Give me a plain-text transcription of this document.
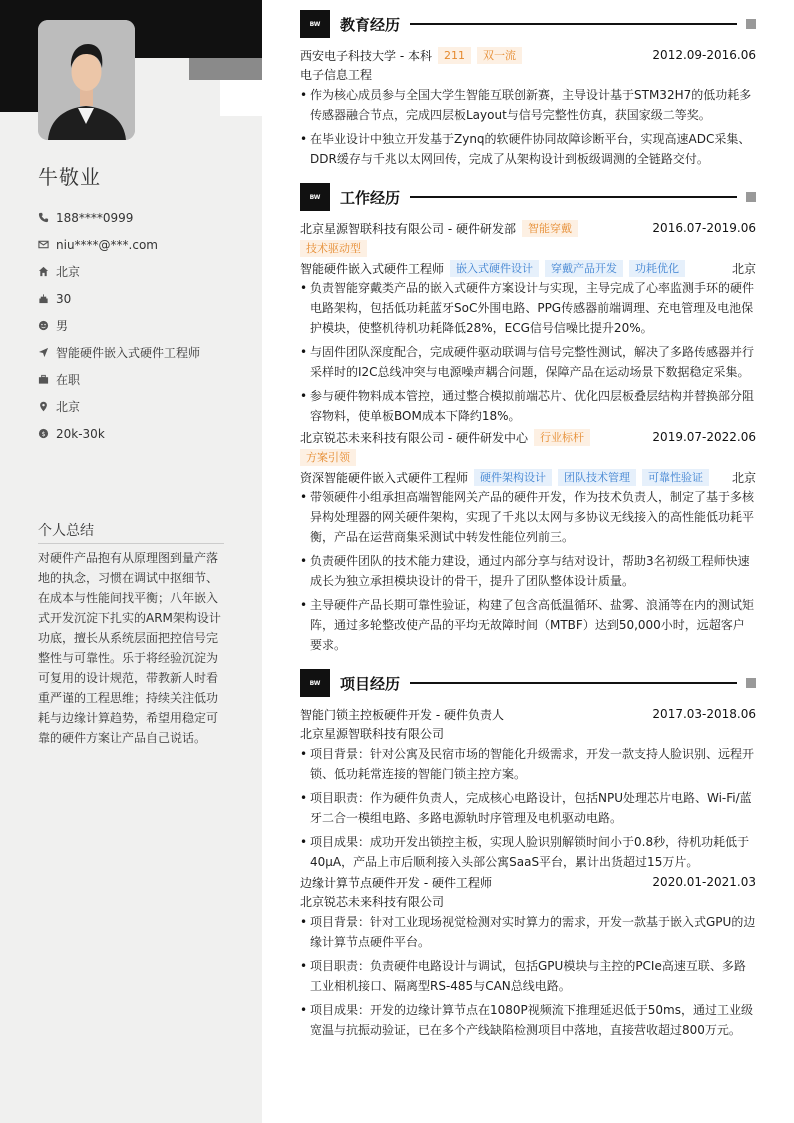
牛敬业
188****0999
niu****@***.com
北京
30
男
智能硬件嵌入式硬件工程师
在职
北京
$ 20k-30k
个人总结
对硬件产品抱有从原理图到量产落地的执念，习惯在调试中抠细节、在成本与性能间找平衡；八年嵌入式开发沉淀下扎实的ARM架构设计功底，擅长从系统层面把控信号完整性与可靠性。乐于将经验沉淀为可复用的设计规范，带教新人时看重严谨的工程思维；持续关注低功耗与边缘计算趋势，希望用稳定可靠的硬件方案让产品自己说话。
BW	教育经历
西安电子科技大学 - 本科	211	双一流	2012.09-2016.06
电子信息工程
• 作为核心成员参与全国大学生智能互联创新赛，主导设计基于STM32H7的低功耗多传感器融合节点，完成四层板Layout与信号完整性仿真，获国家级二等奖。
• 在毕业设计中独立开发基于Zynq的软硬件协同故障诊断平台，实现高速ADC采集、DDR缓存与千兆以太网回传，完成了从架构设计到板级调测的全链路交付。
BW	工作经历
北京星源智联科技有限公司 - 硬件研发部	智能穿戴	2016.07-2019.06
技术驱动型
智能硬件嵌入式硬件工程师	嵌入式硬件设计	穿戴产品开发	功耗优化	北京
• 负责智能穿戴类产品的嵌入式硬件方案设计与实现，主导完成了心率监测手环的硬件电路架构，包括低功耗蓝牙SoC外围电路、PPG传感器前端调理、充电管理及电池保护模块，使整机待机功耗降低28%，ECG信号信噪比提升20%。
• 与固件团队深度配合，完成硬件驱动联调与信号完整性测试，解决了多路传感器并行采样时的I2C总线冲突与电源噪声耦合问题，保障产品在运动场景下数据稳定采集。
• 参与硬件物料成本管控，通过整合模拟前端芯片、优化四层板叠层结构并替换部分阻容物料，使单板BOM成本下降约18%。
北京锐芯未来科技有限公司 - 硬件研发中心	行业标杆	2019.07-2022.06
方案引领
资深智能硬件嵌入式硬件工程师	硬件架构设计	团队技术管理	可靠性验证	北京
• 带领硬件小组承担高端智能网关产品的硬件开发，作为技术负责人，制定了基于多核异构处理器的网关硬件架构，实现了千兆以太网与多协议无线接入的高性能低功耗平衡，产品在运营商集采测试中转发性能位列前三。
• 负责硬件团队的技术能力建设，通过内部分享与结对设计，帮助3名初级工程师快速成长为独立承担模块设计的骨干，提升了团队整体设计质量。
• 主导硬件产品长期可靠性验证，构建了包含高低温循环、盐雾、浪涌等在内的测试矩阵，通过多轮整改使产品的平均无故障时间（MTBF）达到50,000小时，远超客户要求。
BW	项目经历
智能门锁主控板硬件开发 - 硬件负责人	2017.03-2018.06
北京星源智联科技有限公司
• 项目背景：针对公寓及民宿市场的智能化升级需求，开发一款支持人脸识别、远程开锁、低功耗常连接的智能门锁主控方案。
• 项目职责：作为硬件负责人，完成核心电路设计，包括NPU处理芯片电路、Wi-Fi/蓝牙二合一模组电路、多路电源轨时序管理及电机驱动电路。
• 项目成果：成功开发出锁控主板，实现人脸识别解锁时间小于0.8秒，待机功耗低于40μA，产品上市后顺利接入头部公寓SaaS平台，累计出货超过15万片。
边缘计算节点硬件开发 - 硬件工程师	2020.01-2021.03
北京锐芯未来科技有限公司
• 项目背景：针对工业现场视觉检测对实时算力的需求，开发一款基于嵌入式GPU的边缘计算节点硬件平台。
• 项目职责：负责硬件电路设计与调试，包括GPU模块与主控的PCIe高速互联、多路工业相机接口、隔离型RS-485与CAN总线电路。
• 项目成果：开发的边缘计算节点在1080P视频流下推理延迟低于50ms，通过工业级宽温与抗振动验证，已在多个产线缺陷检测项目中落地，直接营收超过800万元。
